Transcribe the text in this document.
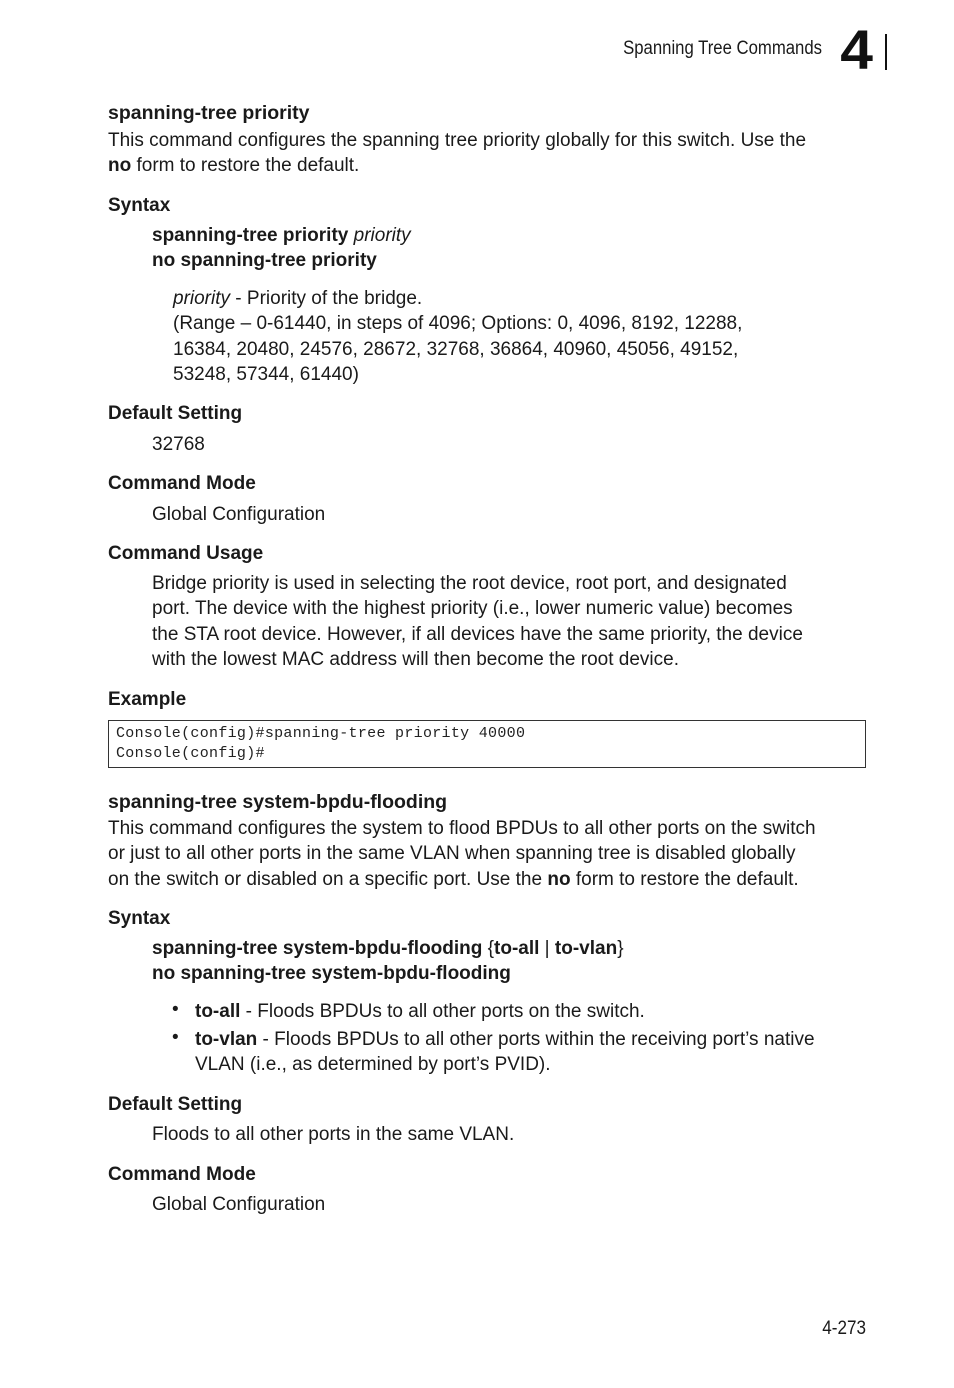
Spanning Tree Commands 4
spanning-tree priority
This command configures the spanning tree priority globally for this switch. Use the
no form to restore the default.
Syntax
spanning-tree priority priority
no spanning-tree priority
priority - Priority of the bridge.
(Range – 0-61440, in steps of 4096; Options: 0, 4096, 8192, 12288,
16384, 20480, 24576, 28672, 32768, 36864, 40960, 45056, 49152,
53248, 57344, 61440)
Default Setting
32768
Command Mode
Global Configuration
Command Usage
Bridge priority is used in selecting the root device, root port, and designated
port. The device with the highest priority (i.e., lower numeric value) becomes
the STA root device. However, if all devices have the same priority, the device
with the lowest MAC address will then become the root device.
Example
Console(config)#spanning-tree priority 40000
Console(config)#
spanning-tree system-bpdu-flooding
This command configures the system to flood BPDUs to all other ports on the switch
or just to all other ports in the same VLAN when spanning tree is disabled globally
on the switch or disabled on a specific port. Use the no form to restore the default.
Syntax
spanning-tree system-bpdu-flooding {to-all | to-vlan}
no spanning-tree system-bpdu-flooding
• to-all - Floods BPDUs to all other ports on the switch.
• to-vlan - Floods BPDUs to all other ports within the receiving port’s native
VLAN (i.e., as determined by port’s PVID).
Default Setting
Floods to all other ports in the same VLAN.
Command Mode
Global Configuration
4-273
